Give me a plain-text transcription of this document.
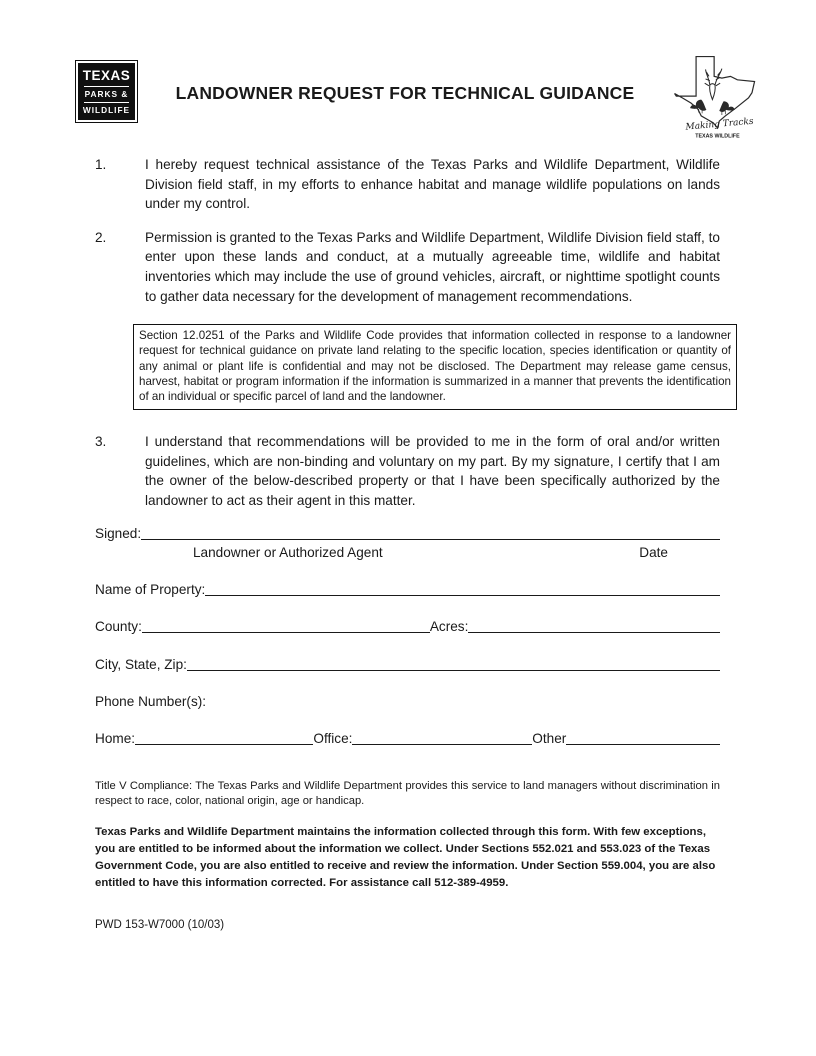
TEXAS
PARKS &
WILDLIFE
LANDOWNER REQUEST FOR TECHNICAL GUIDANCE
Making Tracks
TEXAS WILDLIFE
1.	I hereby request technical assistance of the Texas Parks and Wildlife Department, Wildlife Division field staff, in my efforts to enhance habitat and manage wildlife populations on lands under my control.
2.	Permission is granted to the Texas Parks and Wildlife Department, Wildlife Division field staff, to enter upon these lands and conduct, at a mutually agreeable time, wildlife and habitat inventories which may include the use of ground vehicles, aircraft, or nighttime spotlight counts to gather data necessary for the development of management recommendations.
Section 12.0251 of the Parks and Wildlife Code provides that information collected in response to a landowner request for technical guidance on private land relating to the specific location, species identification or quantity of any animal or plant life is confidential and may not be disclosed. The Department may release game census, harvest, habitat or program information if the information is summarized in a manner that prevents the identification of an individual or specific parcel of land and the landowner.
3.	I understand that recommendations will be provided to me in the form of oral and/or written guidelines, which are non-binding and voluntary on my part. By my signature, I certify that I am the owner of the below-described property or that I have been specifically authorized by the landowner to act as their agent in this matter.
Signed:
Landowner or Authorized Agent	Date
Name of Property:
County:	Acres:
City, State, Zip:
Phone Number(s):
Home:	Office:	Other

Title V Compliance: The Texas Parks and Wildlife Department provides this service to land managers without discrimination in respect to race, color, national origin, age or handicap.

Texas Parks and Wildlife Department maintains the information collected through this form. With few exceptions, you are entitled to be informed about the information we collect. Under Sections 552.021 and 553.023 of the Texas Government Code, you are also entitled to receive and review the information. Under Section 559.004, you are also entitled to have this information corrected. For assistance call 512-389-4959.

PWD 153-W7000 (10/03)
